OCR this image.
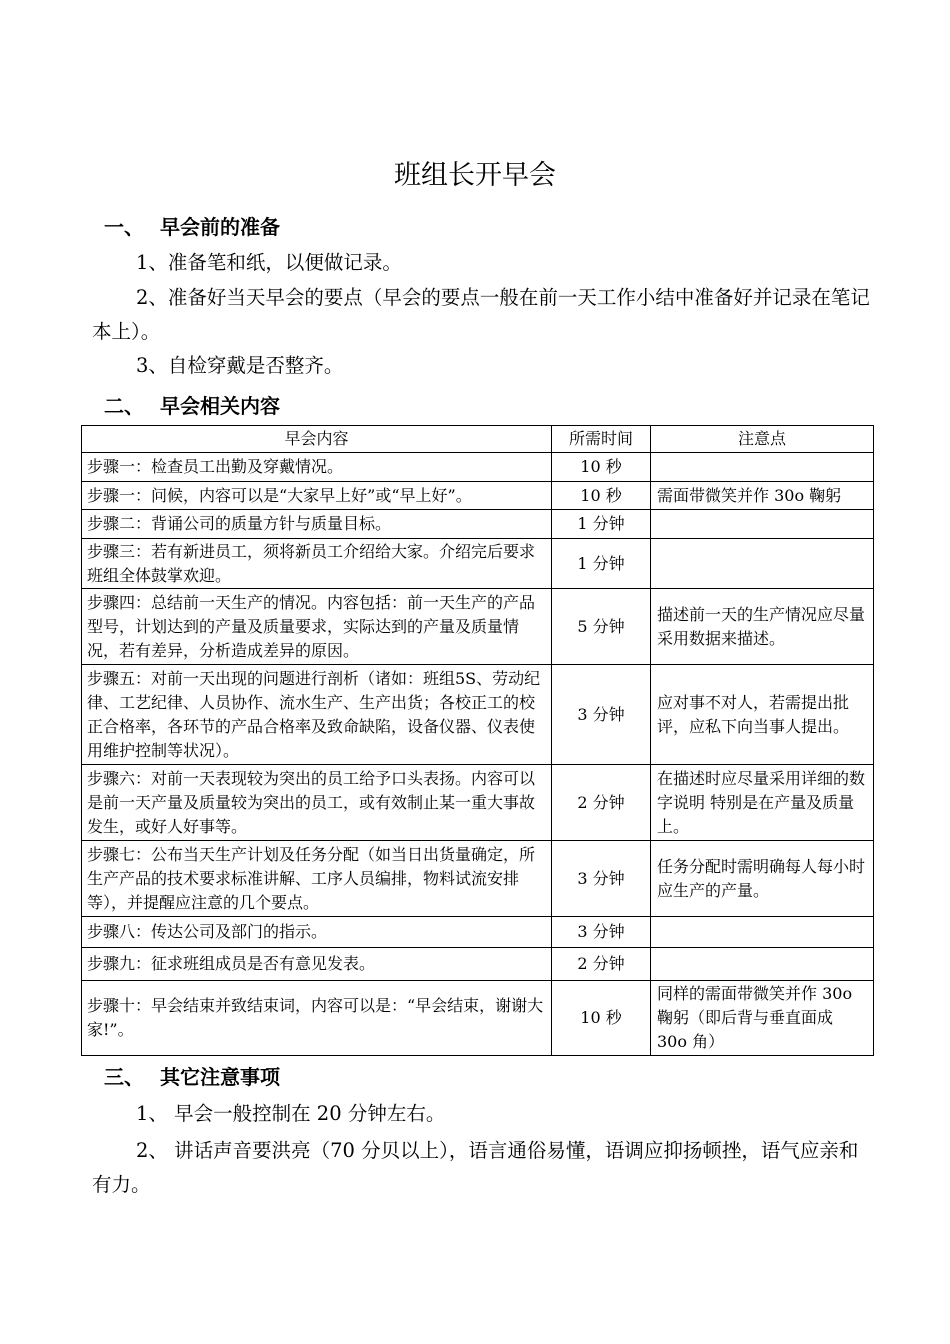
班组长开早会
一、 早会前的准备
1、准备笔和纸，以便做记录。
2、准备好当天早会的要点（早会的要点一般在前一天工作小结中准备好并记录在笔记本上）。
3、自检穿戴是否整齐。
二、 早会相关内容
早会内容	所需时间	注意点
步骤一：检查员工出勤及穿戴情况。	10 秒	
步骤一：问候，内容可以是“大家早上好”或“早上好”。	10 秒	需面带微笑并作 30o 鞠躬
步骤二：背诵公司的质量方针与质量目标。	1 分钟	
步骤三：若有新进员工，须将新员工介绍给大家。介绍完后要求班组全体鼓掌欢迎。	1 分钟	
步骤四：总结前一天生产的情况。内容包括：前一天生产的产品型号，计划达到的产量及质量要求，实际达到的产量及质量情况，若有差异，分析造成差异的原因。	5 分钟	描述前一天的生产情况应尽量采用数据来描述。
步骤五：对前一天出现的问题进行剖析（诸如：班组5S、劳动纪律、工艺纪律、人员协作、流水生产、生产出货；各校正工的校正合格率，各环节的产品合格率及致命缺陷，设备仪器、仪表使用维护控制等状况）。	3 分钟	应对事不对人，若需提出批评，应私下向当事人提出。
步骤六：对前一天表现较为突出的员工给予口头表扬。内容可以是前一天产量及质量较为突出的员工，或有效制止某一重大事故发生，或好人好事等。	2 分钟	在描述时应尽量采用详细的数字说明 特别是在产量及质量上。
步骤七：公布当天生产计划及任务分配（如当日出货量确定，所生产产品的技术要求标准讲解、工序人员编排，物料试流安排等），并提醒应注意的几个要点。	3 分钟	任务分配时需明确每人每小时应生产的产量。
步骤八：传达公司及部门的指示。	3 分钟	
步骤九：征求班组成员是否有意见发表。	2 分钟	
步骤十：早会结束并致结束词，内容可以是：“早会结束，谢谢大家!”。	10 秒	同样的需面带微笑并作 30o 鞠躬（即后背与垂直面成 30o 角）
三、 其它注意事项
1、 早会一般控制在 20 分钟左右。
2、 讲话声音要洪亮（70 分贝以上），语言通俗易懂，语调应抑扬顿挫，语气应亲和有力。
